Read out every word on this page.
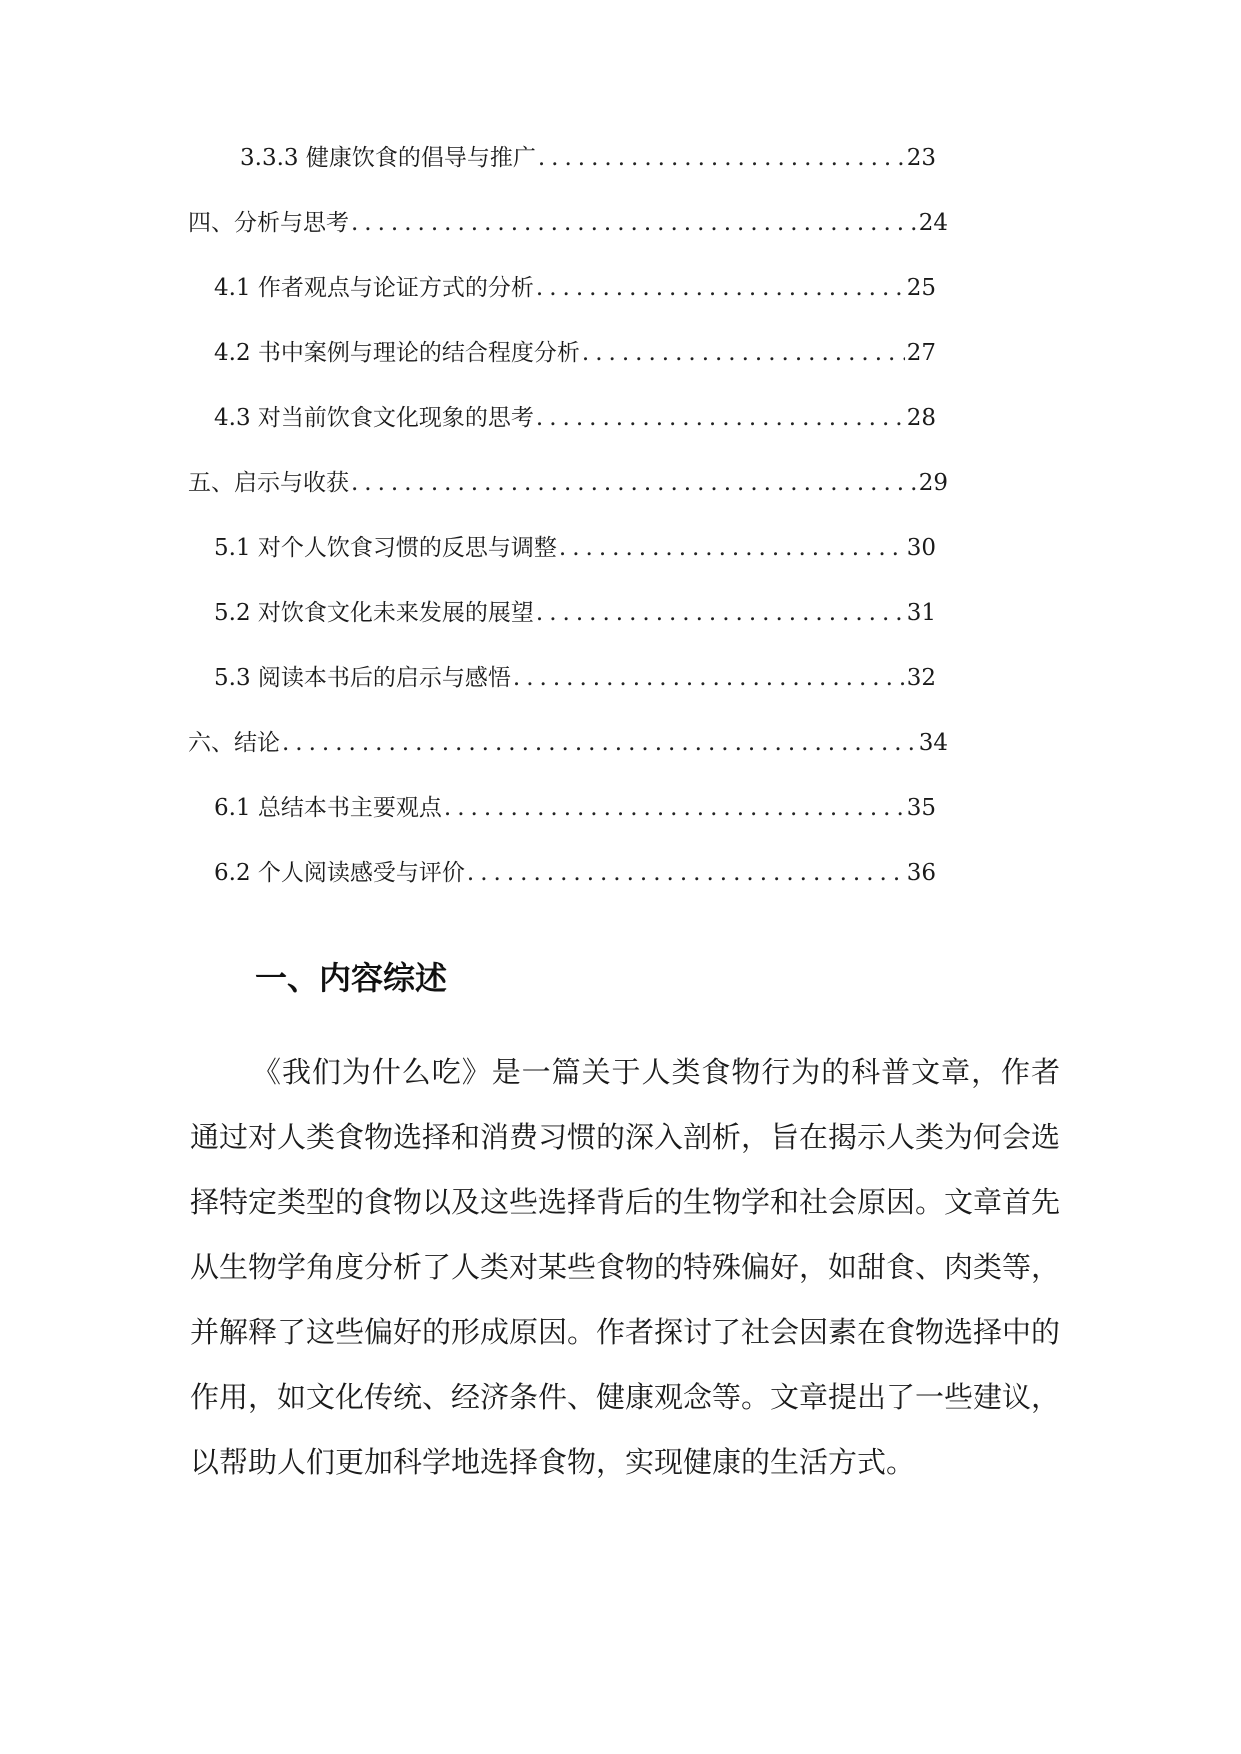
3.3.3 健康饮食的倡导与推广 .....	23
四、分析与思考 .....	24
4.1 作者观点与论证方式的分析 .....	25
4.2 书中案例与理论的结合程度分析 .....	27
4.3 对当前饮食文化现象的思考 .....	28
五、启示与收获 .....	29
5.1 对个人饮食习惯的反思与调整 .....	30
5.2 对饮食文化未来发展的展望 .....	31
5.3 阅读本书后的启示与感悟 .....	32
六、结论 .....	34
6.1 总结本书主要观点 .....	35
6.2 个人阅读感受与评价 .....	36
一、内容综述

《我们为什么吃》是一篇关于人类食物行为的科普文章，作者通过对人类食物选择和消费习惯的深入剖析，旨在揭示人类为何会选择特定类型的食物以及这些选择背后的生物学和社会原因。文章首先从生物学角度分析了人类对某些食物的特殊偏好，如甜食、肉类等，并解释了这些偏好的形成原因。作者探讨了社会因素在食物选择中的作用，如文化传统、经济条件、健康观念等。文章提出了一些建议，以帮助人们更加科学地选择食物，实现健康的生活方式。
